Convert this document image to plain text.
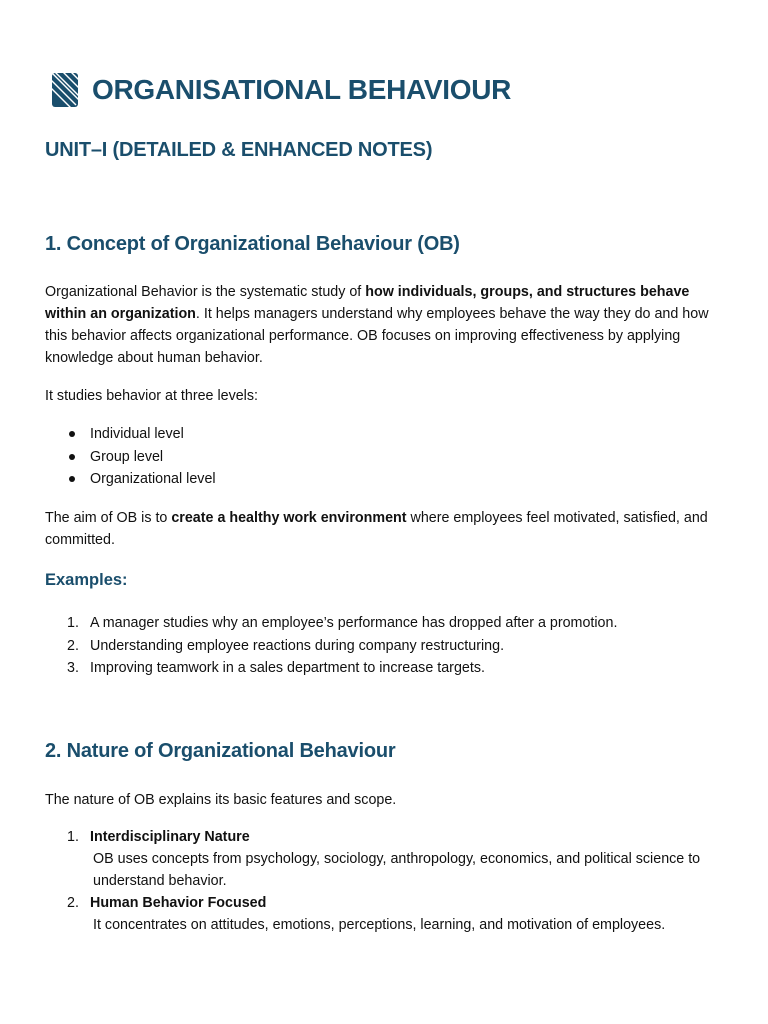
ORGANISATIONAL BEHAVIOUR
UNIT–I (DETAILED & ENHANCED NOTES)
1. Concept of Organizational Behaviour (OB)

Organizational Behavior is the systematic study of how individuals, groups, and structures behave within an organization. It helps managers understand why employees behave the way they do and how this behavior affects organizational performance. OB focuses on improving effectiveness by applying knowledge about human behavior.

It studies behavior at three levels:

Individual level
Group level
Organizational level

The aim of OB is to create a healthy work environment where employees feel motivated, satisfied, and committed.

Examples:
1. A manager studies why an employee’s performance has dropped after a promotion.
2. Understanding employee reactions during company restructuring.
3. Improving teamwork in a sales department to increase targets.
2. Nature of Organizational Behaviour

The nature of OB explains its basic features and scope.

1. Interdisciplinary Nature
OB uses concepts from psychology, sociology, anthropology, economics, and political science to understand behavior.
2. Human Behavior Focused
It concentrates on attitudes, emotions, perceptions, learning, and motivation of employees.
